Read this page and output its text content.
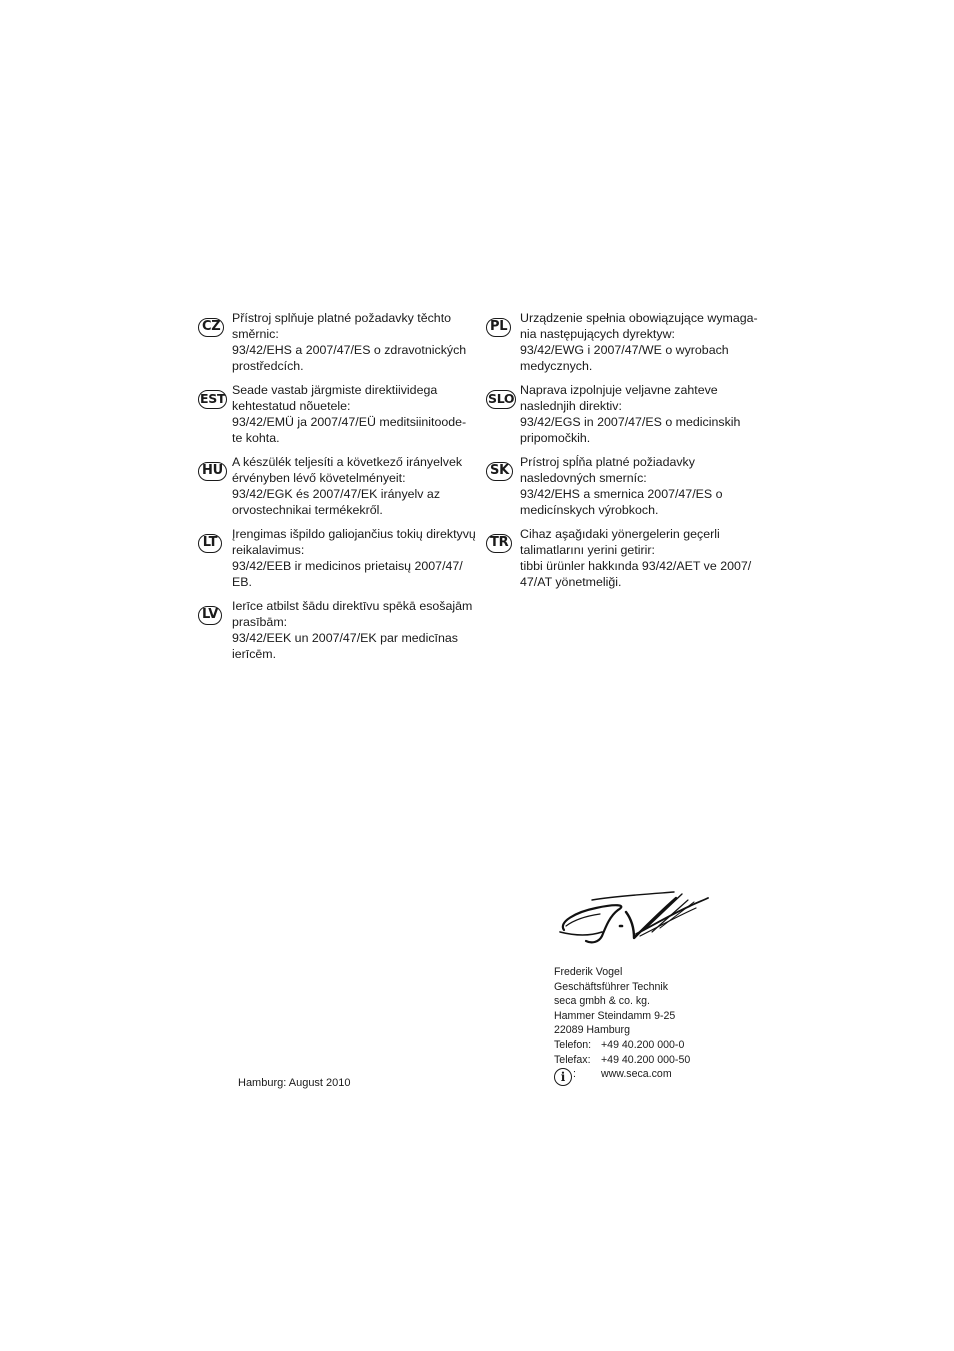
CZ
Přístroj splňuje platné požadavky těchto
směrnic:
93/42/EHS a 2007/47/ES o zdravotnických
prostředcích.
EST
Seade vastab järgmiste direktiividega
kehtestatud nõuetele:
93/42/EMÜ ja 2007/47/EÜ meditsiinitoode-
te kohta.
HU
A készülék teljesíti a következő irányelvek
érvényben lévő követelményeit:
93/42/EGK és 2007/47/EK irányelv az
orvostechnikai termékekről.
LT
Įrengimas išpildo galiojančius tokių direktyvų
reikalavimus:
93/42/EEB ir medicinos prietaisų 2007/47/
EB.
LV
Ierīce atbilst šādu direktīvu spēkā esošajām
prasībām:
93/42/EEK un 2007/47/EK par medicīnas
ierīcēm.
PL
Urządzenie spełnia obowiązujące wymaga-
nia następujących dyrektyw:
93/42/EWG i 2007/47/WE o wyrobach
medycznych.
SLO
Naprava izpolnjuje veljavne zahteve
naslednjih direktiv:
93/42/EGS in 2007/47/ES o medicinskih
pripomočkih.
SK
Prístroj spĺňa platné požiadavky
nasledovných smerníc:
93/42/EHS a smernica 2007/47/ES o
medicínskych výrobkoch.
TR
Cihaz aşağıdaki yönergelerin geçerli
talimatlarını yerini getirir:
tibbi ürünler hakkında 93/42/AET ve 2007/
47/AT yönetmeliği.
Hamburg: August 2010
Frederik Vogel
Geschäftsführer Technik
seca gmbh & co. kg.
Hammer Steindamm 9-25
22089 Hamburg
Telefon: +49 40.200 000-0
Telefax: +49 40.200 000-50
i : www.seca.com
